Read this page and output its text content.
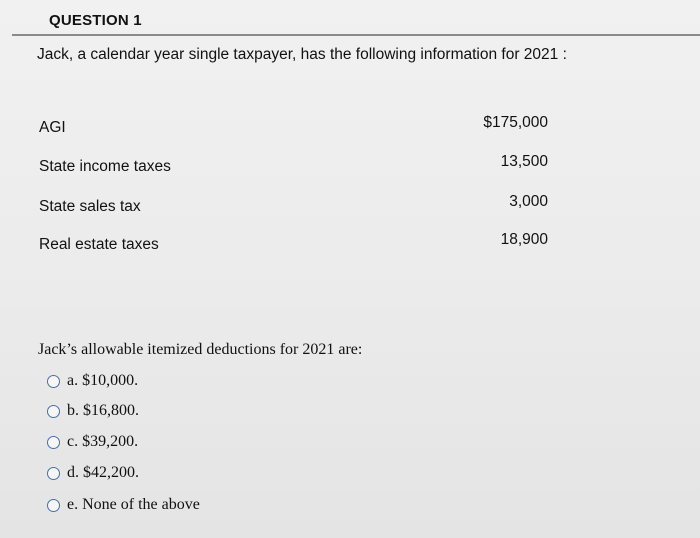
QUESTION 1
Jack, a calendar year single taxpayer, has the following information for 2021 :
AGI	$175,000
State income taxes	13,500
State sales tax	3,000
Real estate taxes	18,900
Jack’s allowable itemized deductions for 2021 are:
a. $10,000.
b. $16,800.
c. $39,200.
d. $42,200.
e. None of the above
